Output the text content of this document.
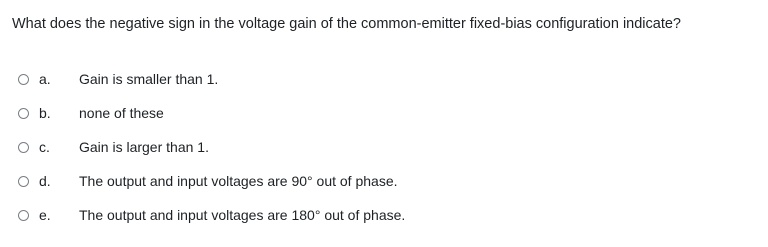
What does the negative sign in the voltage gain of the common-emitter fixed-bias configuration indicate?
a.	Gain is smaller than 1.
b.	none of these
c.	Gain is larger than 1.
d.	The output and input voltages are 90° out of phase.
e.	The output and input voltages are 180° out of phase.
